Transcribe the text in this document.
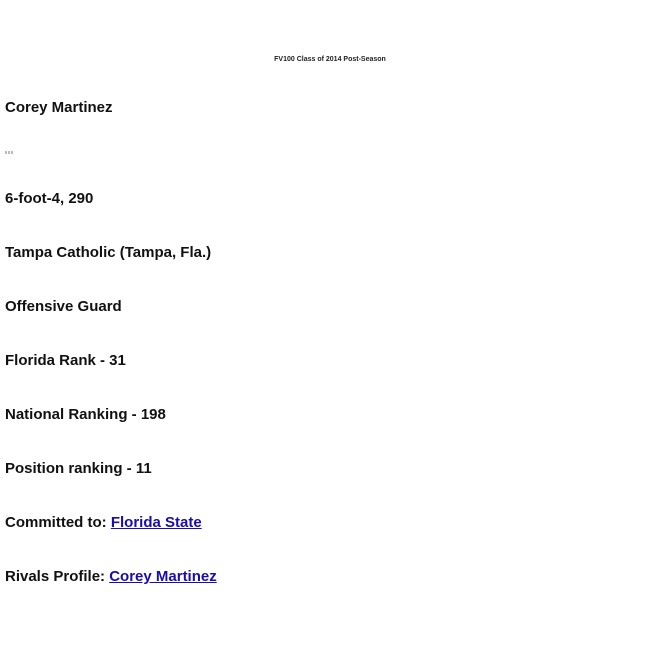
FV100 Class of 2014 Post-Season
Corey Martinez
6-foot-4, 290
Tampa Catholic (Tampa, Fla.)
Offensive Guard
Florida Rank - 31
National Ranking - 198
Position ranking - 11
Committed to: Florida State
Rivals Profile: Corey Martinez
